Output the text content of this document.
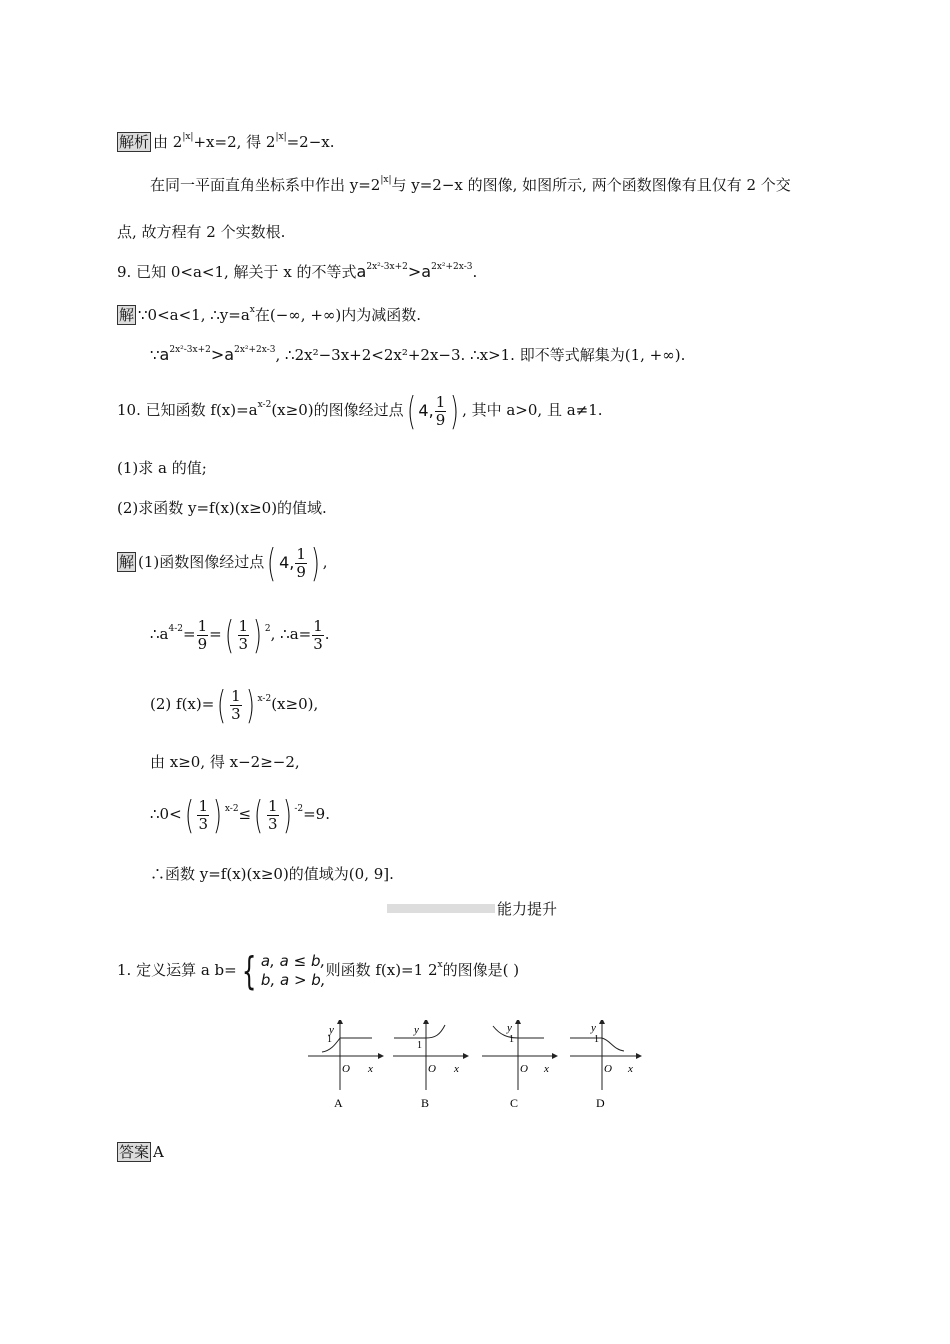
解析 由 $2^{|x|}+x=2$, 得 $2^{|x|}=2-x$.
在同一平面直角坐标系中作出 $y=2^{|x|}$与 y=2−x 的图像, 如图所示, 两个函数图像有且仅有 2 个交
点, 故方程有 2 个实数根.
9. 已知 0<a<1, 解关于 x 的不等式$a^{2x^2-3x+2}>a^{2x^2+2x-3}$.
解 ∵0<a<1, $\therefore y=a^x$在(−∞, +∞)内为减函数.
$\because a^{2x^2-3x+2}>a^{2x^2+2x-3}$, ∴2x²−3x+2<2x²+2x−3. ∴x>1. 即不等式解集为(1, +∞).
10. 已知函数 $f(x)=a^{x-2}(x\ge 0)$的图像经过点 ( 4, $\frac{1}{9}$ ) , 其中 a>0, 且 a≠1.
(1)求 a 的值;
(2)求函数 y=f(x)(x≥0)的值域.
解 (1)函数图像经过点 ( 4, $\frac{1}{9}$ ) ,
$\therefore a^{4-2}= \frac{1}{9}$ = ( $\frac{1}{3}$ ) $^2$, ∴a= $\frac{1}{3}$ .
(2) f(x)= ( $\frac{1}{3}$ ) $^{x-2}$(x≥0),
由 x≥0, 得 x−2≥−2,
∴0< ( $\frac{1}{3}$ ) $^{x-2}$≤ ( $\frac{1}{3}$ ) $^{-2}$=9.
∴函数 y=f(x)(x≥0)的值域为(0, 9].
能力提升
1. 定义运算 a b= { a, a ≤ b,
b, a > b,
则函数 f(x)=1 2$^x$的图像是( )
y
1
O x
A
y
1
O x
B
y
1
O x
C
y
1
O x
D
答案 A
